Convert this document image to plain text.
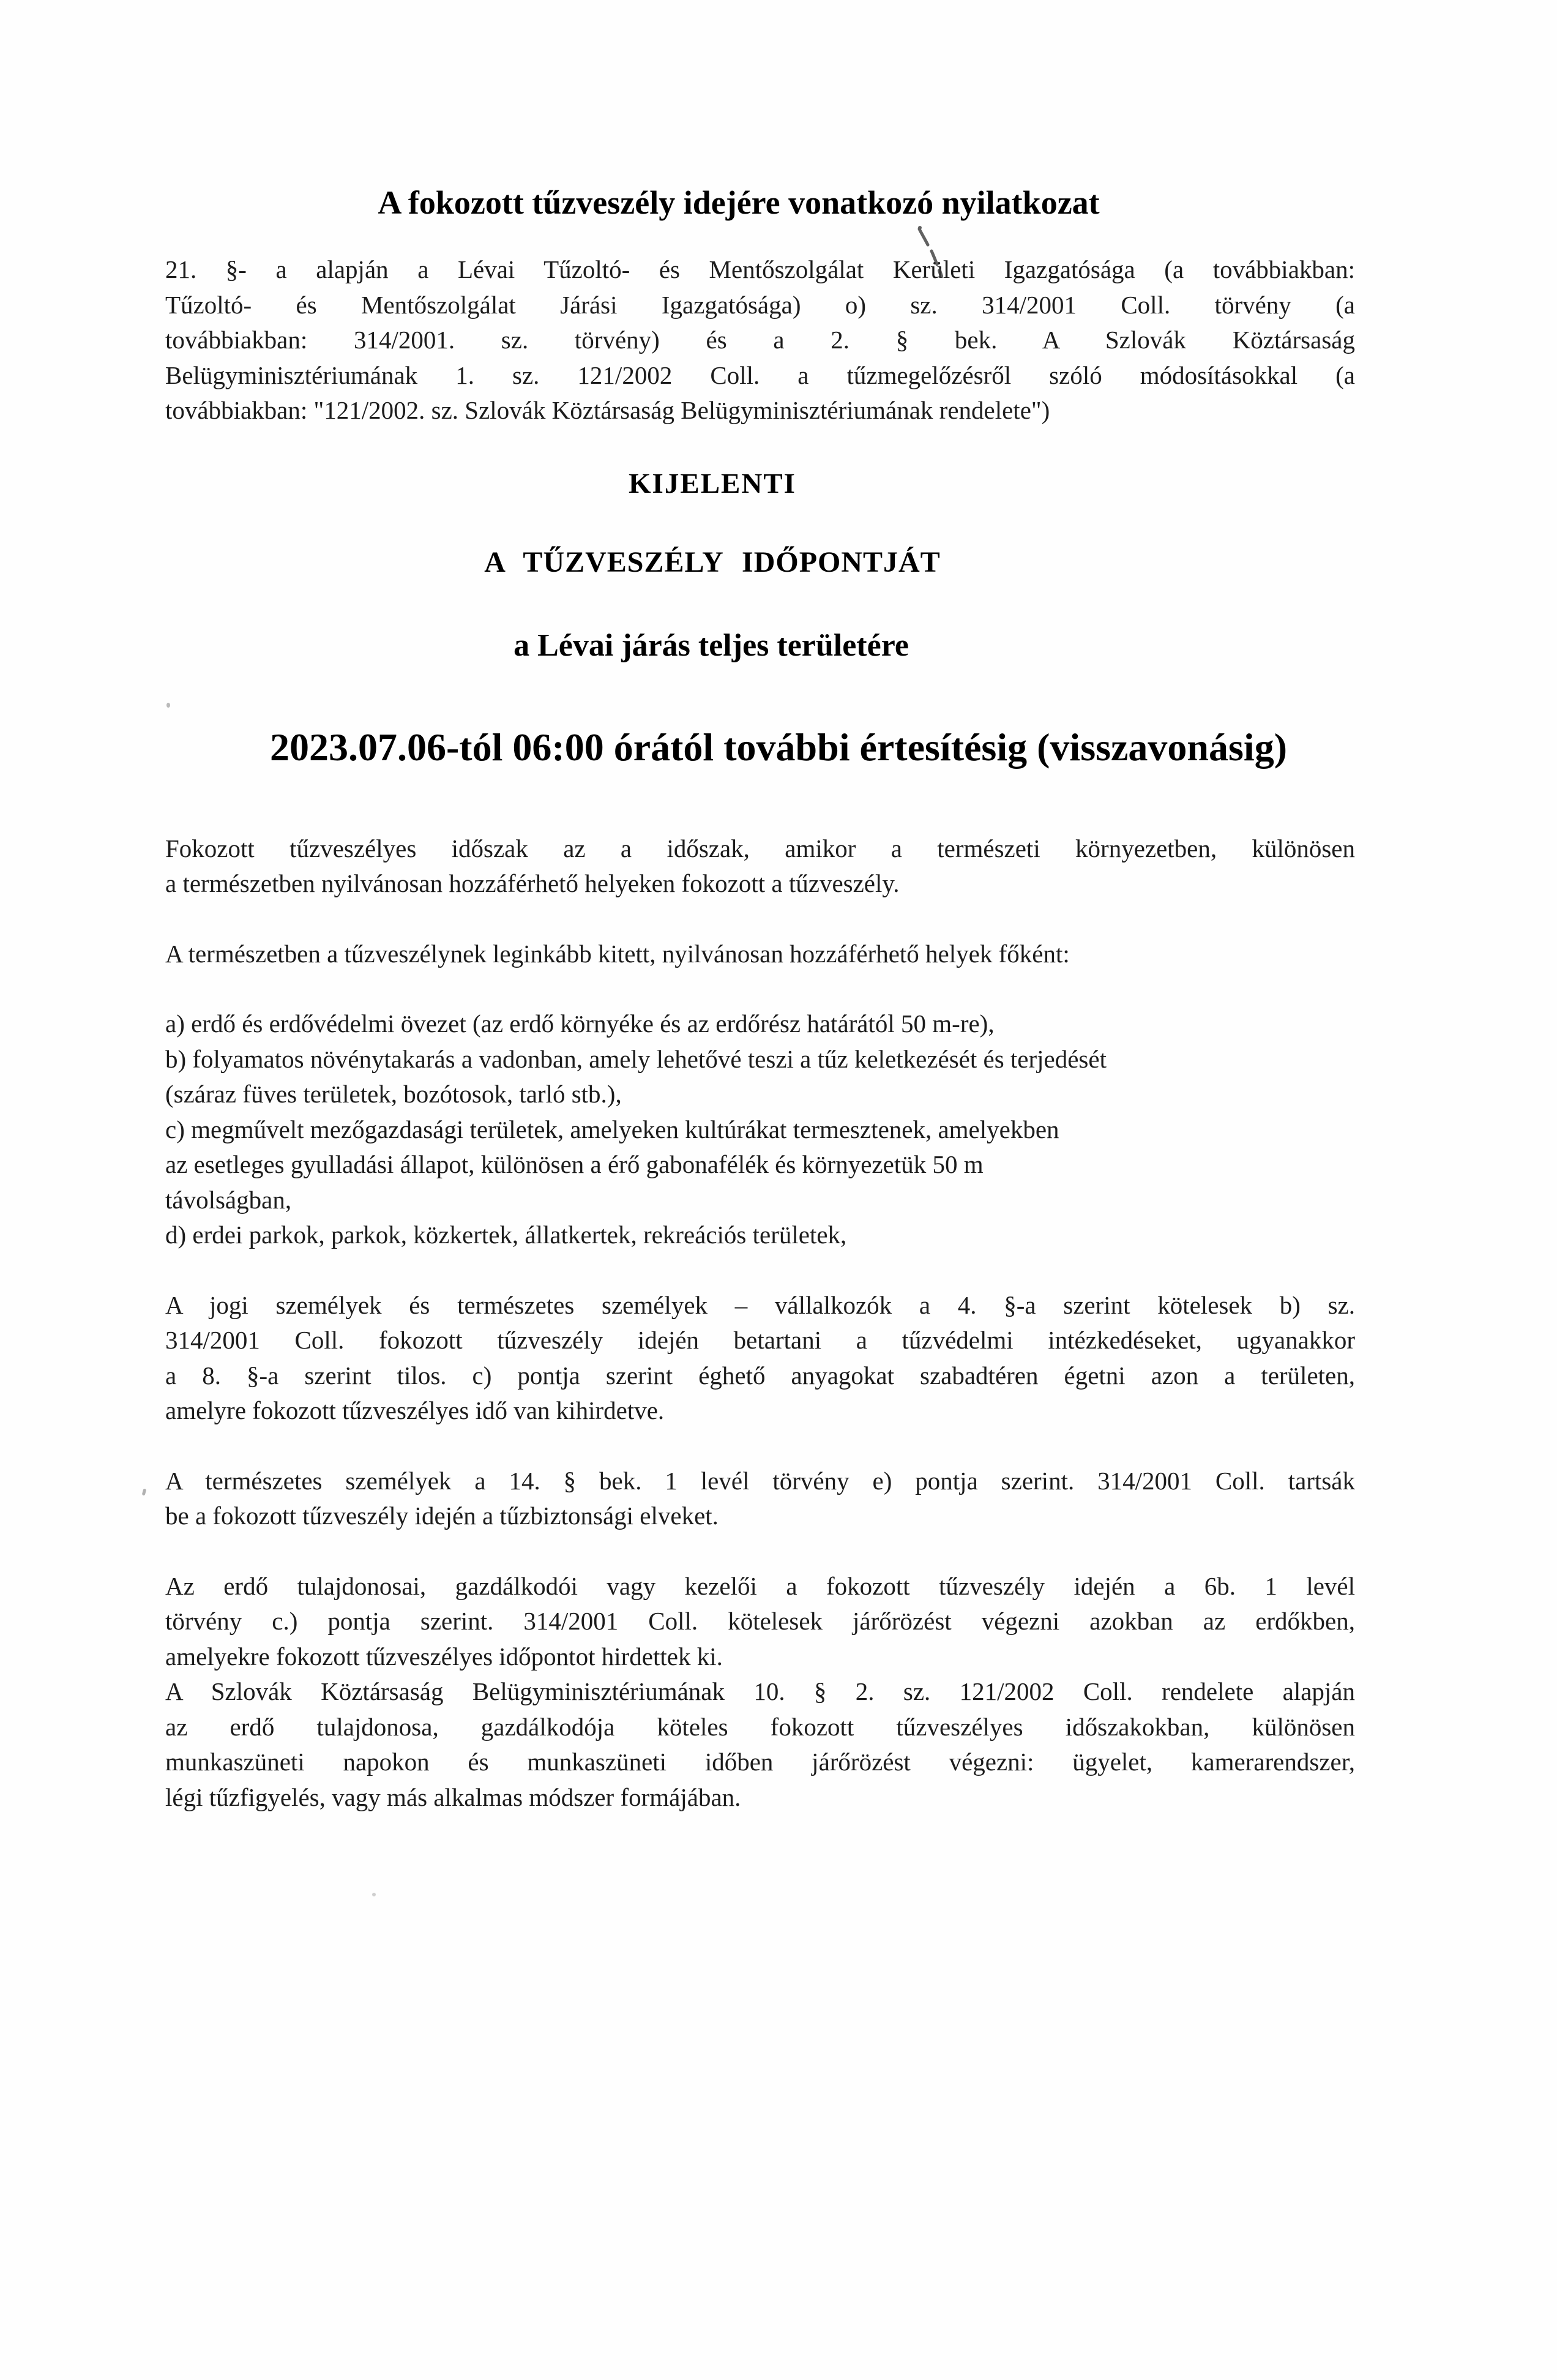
A fokozott tűzveszély idejére vonatkozó nyilatkozat
21. §- a alapján a Lévai Tűzoltó- és Mentőszolgálat Kerületi Igazgatósága (a továbbiakban:
Tűzoltó- és Mentőszolgálat Járási Igazgatósága) o) sz. 314/2001 Coll. törvény (a
továbbiakban: 314/2001. sz. törvény) és a 2. § bek. A Szlovák Köztársaság
Belügyminisztériumának 1. sz. 121/2002 Coll. a tűzmegelőzésről szóló módosításokkal (a
továbbiakban: "121/2002. sz. Szlovák Köztársaság Belügyminisztériumának rendelete")
KIJELENTI
A TŰZVESZÉLY IDŐPONTJÁT
a Lévai járás teljes területére
2023.07.06-tól 06:00 órától további értesítésig (visszavonásig)
Fokozott tűzveszélyes időszak az a időszak, amikor a természeti környezetben, különösen
a természetben nyilvánosan hozzáférhető helyeken fokozott a tűzveszély.
A természetben a tűzveszélynek leginkább kitett, nyilvánosan hozzáférhető helyek főként:
a) erdő és erdővédelmi övezet (az erdő környéke és az erdőrész határától 50 m-re),
b) folyamatos növénytakarás a vadonban, amely lehetővé teszi a tűz keletkezését és terjedését
(száraz füves területek, bozótosok, tarló stb.),
c) megművelt mezőgazdasági területek, amelyeken kultúrákat termesztenek, amelyekben
az esetleges gyulladási állapot, különösen a érő gabonafélék és környezetük 50 m
távolságban,
d) erdei parkok, parkok, közkertek, állatkertek, rekreációs területek,
A jogi személyek és természetes személyek – vállalkozók a 4. §-a szerint kötelesek b) sz.
314/2001 Coll. fokozott tűzveszély idején betartani a tűzvédelmi intézkedéseket, ugyanakkor
a 8. §-a szerint tilos. c) pontja szerint éghető anyagokat szabadtéren égetni azon a területen,
amelyre fokozott tűzveszélyes idő van kihirdetve.
A természetes személyek a 14. § bek. 1 levél törvény e) pontja szerint. 314/2001 Coll. tartsák
be a fokozott tűzveszély idején a tűzbiztonsági elveket.
Az erdő tulajdonosai, gazdálkodói vagy kezelői a fokozott tűzveszély idején a 6b. 1 levél
törvény c.) pontja szerint. 314/2001 Coll. kötelesek járőrözést végezni azokban az erdőkben,
amelyekre fokozott tűzveszélyes időpontot hirdettek ki.
A Szlovák Köztársaság Belügyminisztériumának 10. § 2. sz. 121/2002 Coll. rendelete alapján
az erdő tulajdonosa, gazdálkodója köteles fokozott tűzveszélyes időszakokban, különösen
munkaszüneti napokon és munkaszüneti időben járőrözést végezni: ügyelet, kamerarendszer,
légi tűzfigyelés, vagy más alkalmas módszer formájában.
